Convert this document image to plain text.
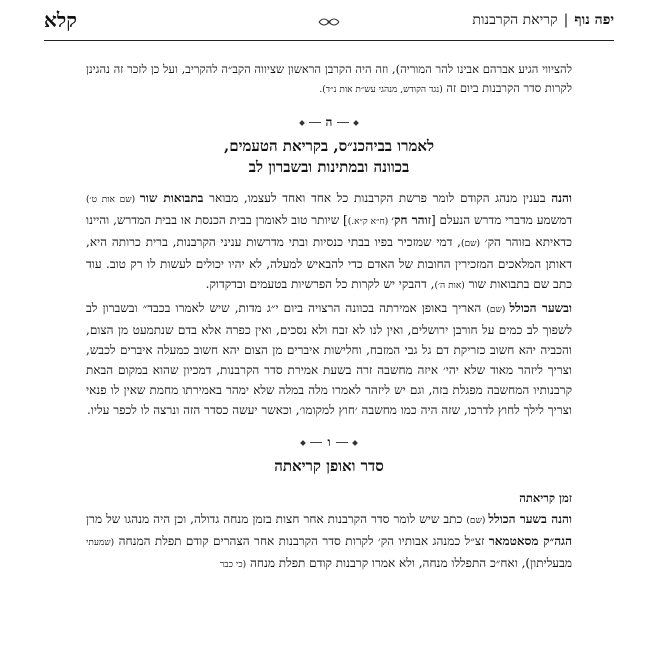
יפה נוף|קריאת הקרבנות
קלא

להציווי הגיע אברהם אבינו להר המוריה), וזה היה הקרבן הראשון שציווה הקב״ה להקריב, ועל כן לזכר זה נהגינן לקרות סדר הקרבנות ביום זה (נגד הקודש, מנהגי עש״ת אות נ״ד).

ה
לאמרו בביהכנ״ס, בקריאת הטעמים,
בכוונה ובמתינות ובשברון לב

והנה בענין מנהג הקודם לומר פרשת הקרבנות כל אחד ואחד לעצמו, מבואר בתבואות שור (שם אות ט׳) דמשמע מדברי מדרש הנעלם [זוהר חק׳ (ח״א ק״א.)] שיותר טוב לאומרן בבית הכנסת או בבית המדרש, והיינו כדאיתא בזוהר הק׳ (שם), דמי שמזכיר בפיו בבתי כנסיות ובתי מדרשות עניני הקרבנות, ברית כרותה היא, דאותן המלאכים המזכירין החובות של האדם כדי להבאיש למעלה, לא יהיו יכולים לעשות לו רק טוב. עוד כתב שם בתבואות שור (אות ה׳), דהבקי יש לקרות כל הפרשיות בטעמים ובדקדוק.

ובשער הכולל (שם) האריך באופן אמירתה בכוונה הרצויה ביום י״ג מדות, שיש לאמרו בכבד״ ובשברון לב לשפוך לב כמים על חורבן ירושלים, ואין לנו לא זבח ולא נסכים, ואין כפרה אלא בדם שנתמעט מן הצום, והכביה יהא חשוב כזריקת דם גל גבי המזבח, וחלישות איברים מן הצום יהא חשוב כמעלה איברים לכבש, וצריך ליזהר מאוד שלא יהי׳ איזה מחשבה זרה בשעת אמירת סדר הקרבנות, דמכיון שהוא במקום הבאת קרבנותיו המחשבה מפגלת בזה, וגם יש ליזהר לאמרו מלה במלה שלא ימהר באמירתו מחמת שאין לו פנאי וצריך לילך לחוץ לדרכו, שזה היה כמו מחשבה ׳חוץ למקומו׳, וכאשר יעשה כסדר הזה ונרצה לו לכפר עליו.

ו
סדר ואופן קריאתה
זמן קריאתה

והנה בשער הכולל (שם) כתב שיש לומר סדר הקרבנות אחר חצות בזמן מנחה גדולה, וכן היה מנהגו של מרן הגה״ק מסאטמאר זצ״ל כמנהג אבותיו הק׳ לקרות סדר הקרבנות אחר הצהרים קודם תפלת המנחה (שמעתי מבעליתון), ואח״כ התפללו מנחה, ולא אמרו קרבנות קודם תפלת מנחה (כי כבר
